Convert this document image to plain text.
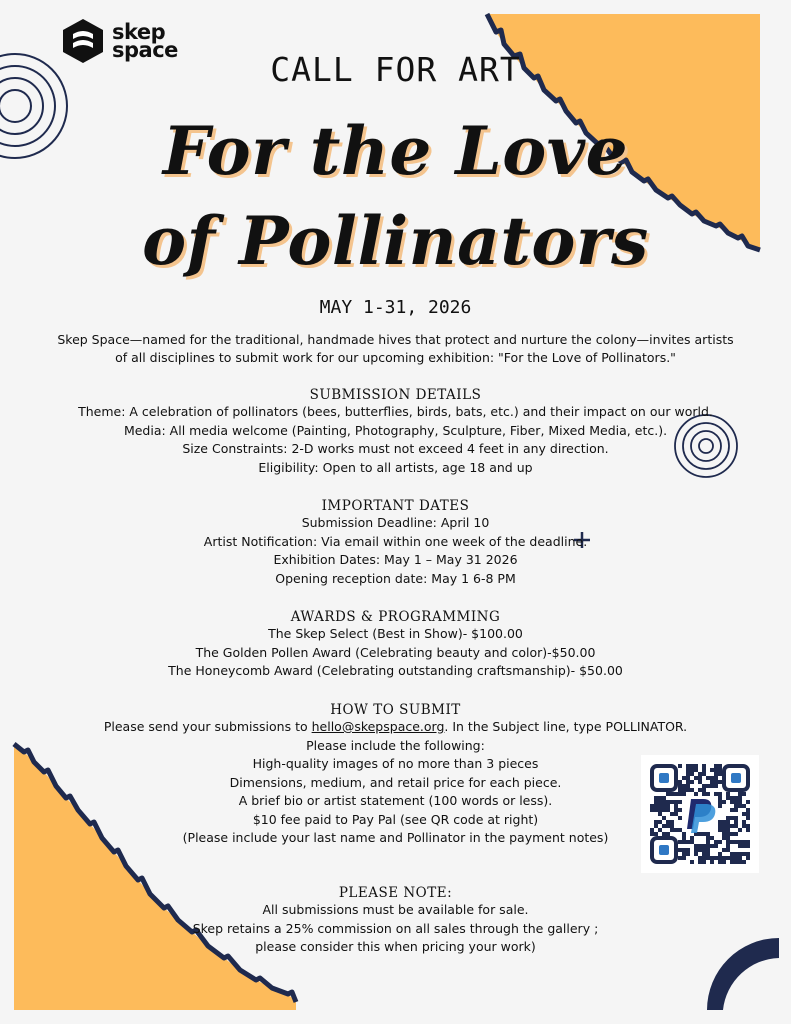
skep
space	CALL FOR ART
For the Love
of Pollinators
MAY 1-31, 2026
Skep Space—named for the traditional, handmade hives that protect and nurture the colony—invites artists
of all disciplines to submit work for our upcoming exhibition: "For the Love of Pollinators."
SUBMISSION DETAILS
Theme: A celebration of pollinators (bees, butterflies, birds, bats, etc.) and their impact on our world.
Media: All media welcome (Painting, Photography, Sculpture, Fiber, Mixed Media, etc.).
Size Constraints: 2-D works must not exceed 4 feet in any direction.
Eligibility: Open to all artists, age 18 and up
IMPORTANT DATES
Submission Deadline: April 10
Artist Notification: Via email within one week of the deadline.
Exhibition Dates: May 1 – May 31 2026
Opening reception date: May 1 6-8 PM
AWARDS & PROGRAMMING
The Skep Select (Best in Show)- $100.00
The Golden Pollen Award (Celebrating beauty and color)-$50.00
The Honeycomb Award (Celebrating outstanding craftsmanship)- $50.00
HOW TO SUBMIT
Please send your submissions to hello@skepspace.org. In the Subject line, type POLLINATOR.
Please include the following:
High-quality images of no more than 3 pieces
Dimensions, medium, and retail price for each piece.
A brief bio or artist statement (100 words or less).
$10 fee paid to Pay Pal (see QR code at right)
(Please include your last name and Pollinator in the payment notes)
PLEASE NOTE:
All submissions must be available for sale.
Skep retains a 25% commission on all sales through the gallery ;
please consider this when pricing your work)
